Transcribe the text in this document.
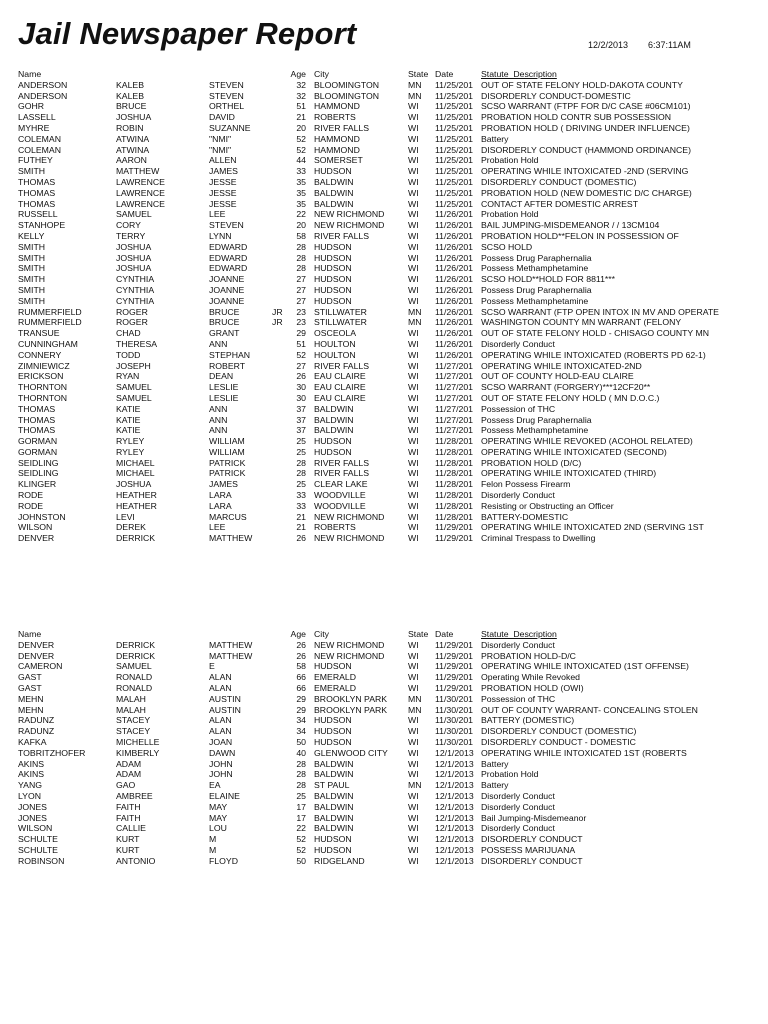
Jail Newspaper Report	12/2/2013 6:37:11AM
Name	Age City	State Date	Statute_Description
ANDERSON	KALEB	STEVEN	32 BLOOMINGTON	MN	11/25/201 OUT OF STATE FELONY HOLD-DAKOTA COUNTY
ANDERSON	KALEB	STEVEN	32 BLOOMINGTON	MN	11/25/201 DISORDERLY CONDUCT-DOMESTIC
GOHR	BRUCE	ORTHEL	51 HAMMOND	WI	11/25/201 SCSO WARRANT (FTPF FOR D/C CASE #06CM101)
LASSELL	JOSHUA	DAVID	21 ROBERTS	WI	11/25/201 PROBATION HOLD CONTR SUB POSSESSION
MYHRE	ROBIN	SUZANNE	20 RIVER FALLS	WI	11/25/201 PROBATION HOLD ( DRIVING UNDER INFLUENCE)
COLEMAN	ATWINA	"NMI"	52 HAMMOND	WI	11/25/201 Battery
COLEMAN	ATWINA	"NMI"	52 HAMMOND	WI	11/25/201 DISORDERLY CONDUCT (HAMMOND ORDINANCE)
FUTHEY	AARON	ALLEN	44 SOMERSET	WI	11/25/201 Probation Hold
SMITH	MATTHEW	JAMES	33 HUDSON	WI	11/25/201 OPERATING WHILE INTOXICATED -2ND (SERVING
THOMAS	LAWRENCE	JESSE	35 BALDWIN	WI	11/25/201 DISORDERLY CONDUCT (DOMESTIC)
THOMAS	LAWRENCE	JESSE	35 BALDWIN	WI	11/25/201 PROBATION HOLD (NEW DOMESTIC D/C CHARGE)
THOMAS	LAWRENCE	JESSE	35 BALDWIN	WI	11/25/201 CONTACT AFTER DOMESTIC ARREST
RUSSELL	SAMUEL	LEE	22 NEW RICHMOND	WI	11/26/201 Probation Hold
STANHOPE	CORY	STEVEN	20 NEW RICHMOND	WI	11/26/201 BAIL JUMPING-MISDEMEANOR / / 13CM104
KELLY	TERRY	LYNN	58 RIVER FALLS	WI	11/26/201 PROBATION HOLD**FELON IN POSSESSION OF
SMITH	JOSHUA	EDWARD	28 HUDSON	WI	11/26/201 SCSO HOLD
SMITH	JOSHUA	EDWARD	28 HUDSON	WI	11/26/201 Possess Drug Paraphernalia
SMITH	JOSHUA	EDWARD	28 HUDSON	WI	11/26/201 Possess Methamphetamine
SMITH	CYNTHIA	JOANNE	27 HUDSON	WI	11/26/201 SCSO HOLD**HOLD FOR 8811***
SMITH	CYNTHIA	JOANNE	27 HUDSON	WI	11/26/201 Possess Drug Paraphernalia
SMITH	CYNTHIA	JOANNE	27 HUDSON	WI	11/26/201 Possess Methamphetamine
RUMMERFIELD	ROGER	BRUCE	JR	23 STILLWATER	MN	11/26/201 SCSO WARRANT (FTP OPEN INTOX IN MV AND OPERATE
RUMMERFIELD	ROGER	BRUCE	JR	23 STILLWATER	MN	11/26/201 WASHINGTON COUNTY MN WARRANT (FELONY
TRANSUE	CHAD	GRANT	29 OSCEOLA	WI	11/26/201 OUT OF STATE FELONY HOLD - CHISAGO COUNTY MN
CUNNINGHAM	THERESA	ANN	51 HOULTON	WI	11/26/201 Disorderly Conduct
CONNERY	TODD	STEPHAN	52 HOULTON	WI	11/26/201 OPERATING WHILE INTOXICATED (ROBERTS PD 62-1)
ZIMNIEWICZ	JOSEPH	ROBERT	27 RIVER FALLS	WI	11/27/201 OPERATING WHILE INTOXICATED-2ND
ERICKSON	RYAN	DEAN	26 EAU CLAIRE	WI	11/27/201 OUT OF COUNTY HOLD-EAU CLAIRE
THORNTON	SAMUEL	LESLIE	30 EAU CLAIRE	WI	11/27/201 SCSO WARRANT (FORGERY)***12CF20**
THORNTON	SAMUEL	LESLIE	30 EAU CLAIRE	WI	11/27/201 OUT OF STATE FELONY HOLD ( MN D.O.C.)
THOMAS	KATIE	ANN	37 BALDWIN	WI	11/27/201 Possession of THC
THOMAS	KATIE	ANN	37 BALDWIN	WI	11/27/201 Possess Drug Paraphernalia
THOMAS	KATIE	ANN	37 BALDWIN	WI	11/27/201 Possess Methamphetamine
GORMAN	RYLEY	WILLIAM	25 HUDSON	WI	11/28/201 OPERATING WHILE REVOKED (ACOHOL RELATED)
GORMAN	RYLEY	WILLIAM	25 HUDSON	WI	11/28/201 OPERATING WHILE INTOXICATED (SECOND)
SEIDLING	MICHAEL	PATRICK	28 RIVER FALLS	WI	11/28/201 PROBATION HOLD (D/C)
SEIDLING	MICHAEL	PATRICK	28 RIVER FALLS	WI	11/28/201 OPERATING WHILE INTOXICATED (THIRD)
KLINGER	JOSHUA	JAMES	25 CLEAR LAKE	WI	11/28/201 Felon Possess Firearm
RODE	HEATHER	LARA	33 WOODVILLE	WI	11/28/201 Disorderly Conduct
RODE	HEATHER	LARA	33 WOODVILLE	WI	11/28/201 Resisting or Obstructing an Officer
JOHNSTON	LEVI	MARCUS	21 NEW RICHMOND	WI	11/28/201 BATTERY-DOMESTIC
WILSON	DEREK	LEE	21 ROBERTS	WI	11/29/201 OPERATING WHILE INTOXICATED 2ND (SERVING 1ST
DENVER	DERRICK	MATTHEW	26 NEW RICHMOND	WI	11/29/201 Criminal Trespass to Dwelling
Name	Age City	State Date	Statute_Description
DENVER	DERRICK	MATTHEW	26 NEW RICHMOND	WI	11/29/201 Disorderly Conduct
DENVER	DERRICK	MATTHEW	26 NEW RICHMOND	WI	11/29/201 PROBATION HOLD-D/C
CAMERON	SAMUEL	E	58 HUDSON	WI	11/29/201 OPERATING WHILE INTOXICATED (1ST OFFENSE)
GAST	RONALD	ALAN	66 EMERALD	WI	11/29/201 Operating While Revoked
GAST	RONALD	ALAN	66 EMERALD	WI	11/29/201 PROBATION HOLD (OWI)
MEHN	MALAH	AUSTIN	29 BROOKLYN PARK	MN	11/30/201 Possession of THC
MEHN	MALAH	AUSTIN	29 BROOKLYN PARK	MN	11/30/201 OUT OF COUNTY WARRANT- CONCEALING STOLEN
RADUNZ	STACEY	ALAN	34 HUDSON	WI	11/30/201 BATTERY (DOMESTIC)
RADUNZ	STACEY	ALAN	34 HUDSON	WI	11/30/201 DISORDERLY CONDUCT (DOMESTIC)
KAFKA	MICHELLE	JOAN	50 HUDSON	WI	11/30/201 DISORDERLY CONDUCT - DOMESTIC
TOBRITZHOFER	KIMBERLY	DAWN	40 GLENWOOD CITY	WI	12/1/2013 OPERATING WHILE INTOXICATED 1ST (ROBERTS
AKINS	ADAM	JOHN	28 BALDWIN	WI	12/1/2013 Battery
AKINS	ADAM	JOHN	28 BALDWIN	WI	12/1/2013 Probation Hold
YANG	GAO	EA	28 ST PAUL	MN	12/1/2013 Battery
LYON	AMBREE	ELAINE	25 BALDWIN	WI	12/1/2013 Disorderly Conduct
JONES	FAITH	MAY	17 BALDWIN	WI	12/1/2013 Disorderly Conduct
JONES	FAITH	MAY	17 BALDWIN	WI	12/1/2013 Bail Jumping-Misdemeanor
WILSON	CALLIE	LOU	22 BALDWIN	WI	12/1/2013 Disorderly Conduct
SCHULTE	KURT	M	52 HUDSON	WI	12/1/2013 DISORDERLY CONDUCT
SCHULTE	KURT	M	52 HUDSON	WI	12/1/2013 POSSESS MARIJUANA
ROBINSON	ANTONIO	FLOYD	50 RIDGELAND	WI	12/1/2013 DISORDERLY CONDUCT
